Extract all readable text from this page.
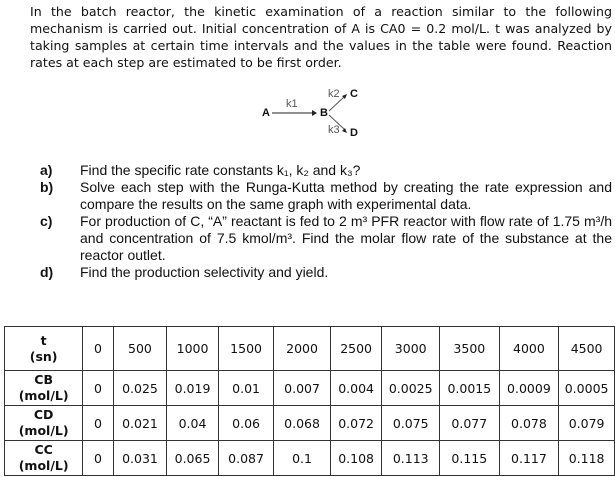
In the batch reactor, the kinetic examination of a reaction similar to the following mechanism is carried out. Initial concentration of A is CA0 = 0.2 mol/L. t was analyzed by taking samples at certain time intervals and the values in the table were found. Reaction rates at each step are estimated to be first order.
A
k1
B
k2 C
k3 D
a)	Find the specific rate constants k₁, k₂ and k₃?
b)	Solve each step with the Runga-Kutta method by creating the rate expression and compare the results on the same graph with experimental data.
c)	For production of C, “A” reactant is fed to 2 m³ PFR reactor with flow rate of 1.75 m³/h and concentration of 7.5 kmol/m³. Find the molar flow rate of the substance at the reactor outlet.
d)	Find the production selectivity and yield.
t
(sn)	0	500	1000	1500	2000	2500	3000	3500	4000	4500

CB
(mol/L)	0	0.025	0.019	0.01	0.007	0.004	0.0025	0.0015	0.0009	0.0005

CD
(mol/L)	0	0.021	0.04	0.06	0.068	0.072	0.075	0.077	0.078	0.079

CC
(mol/L)	0	0.031	0.065	0.087	0.1	0.108	0.113	0.115	0.117	0.118
